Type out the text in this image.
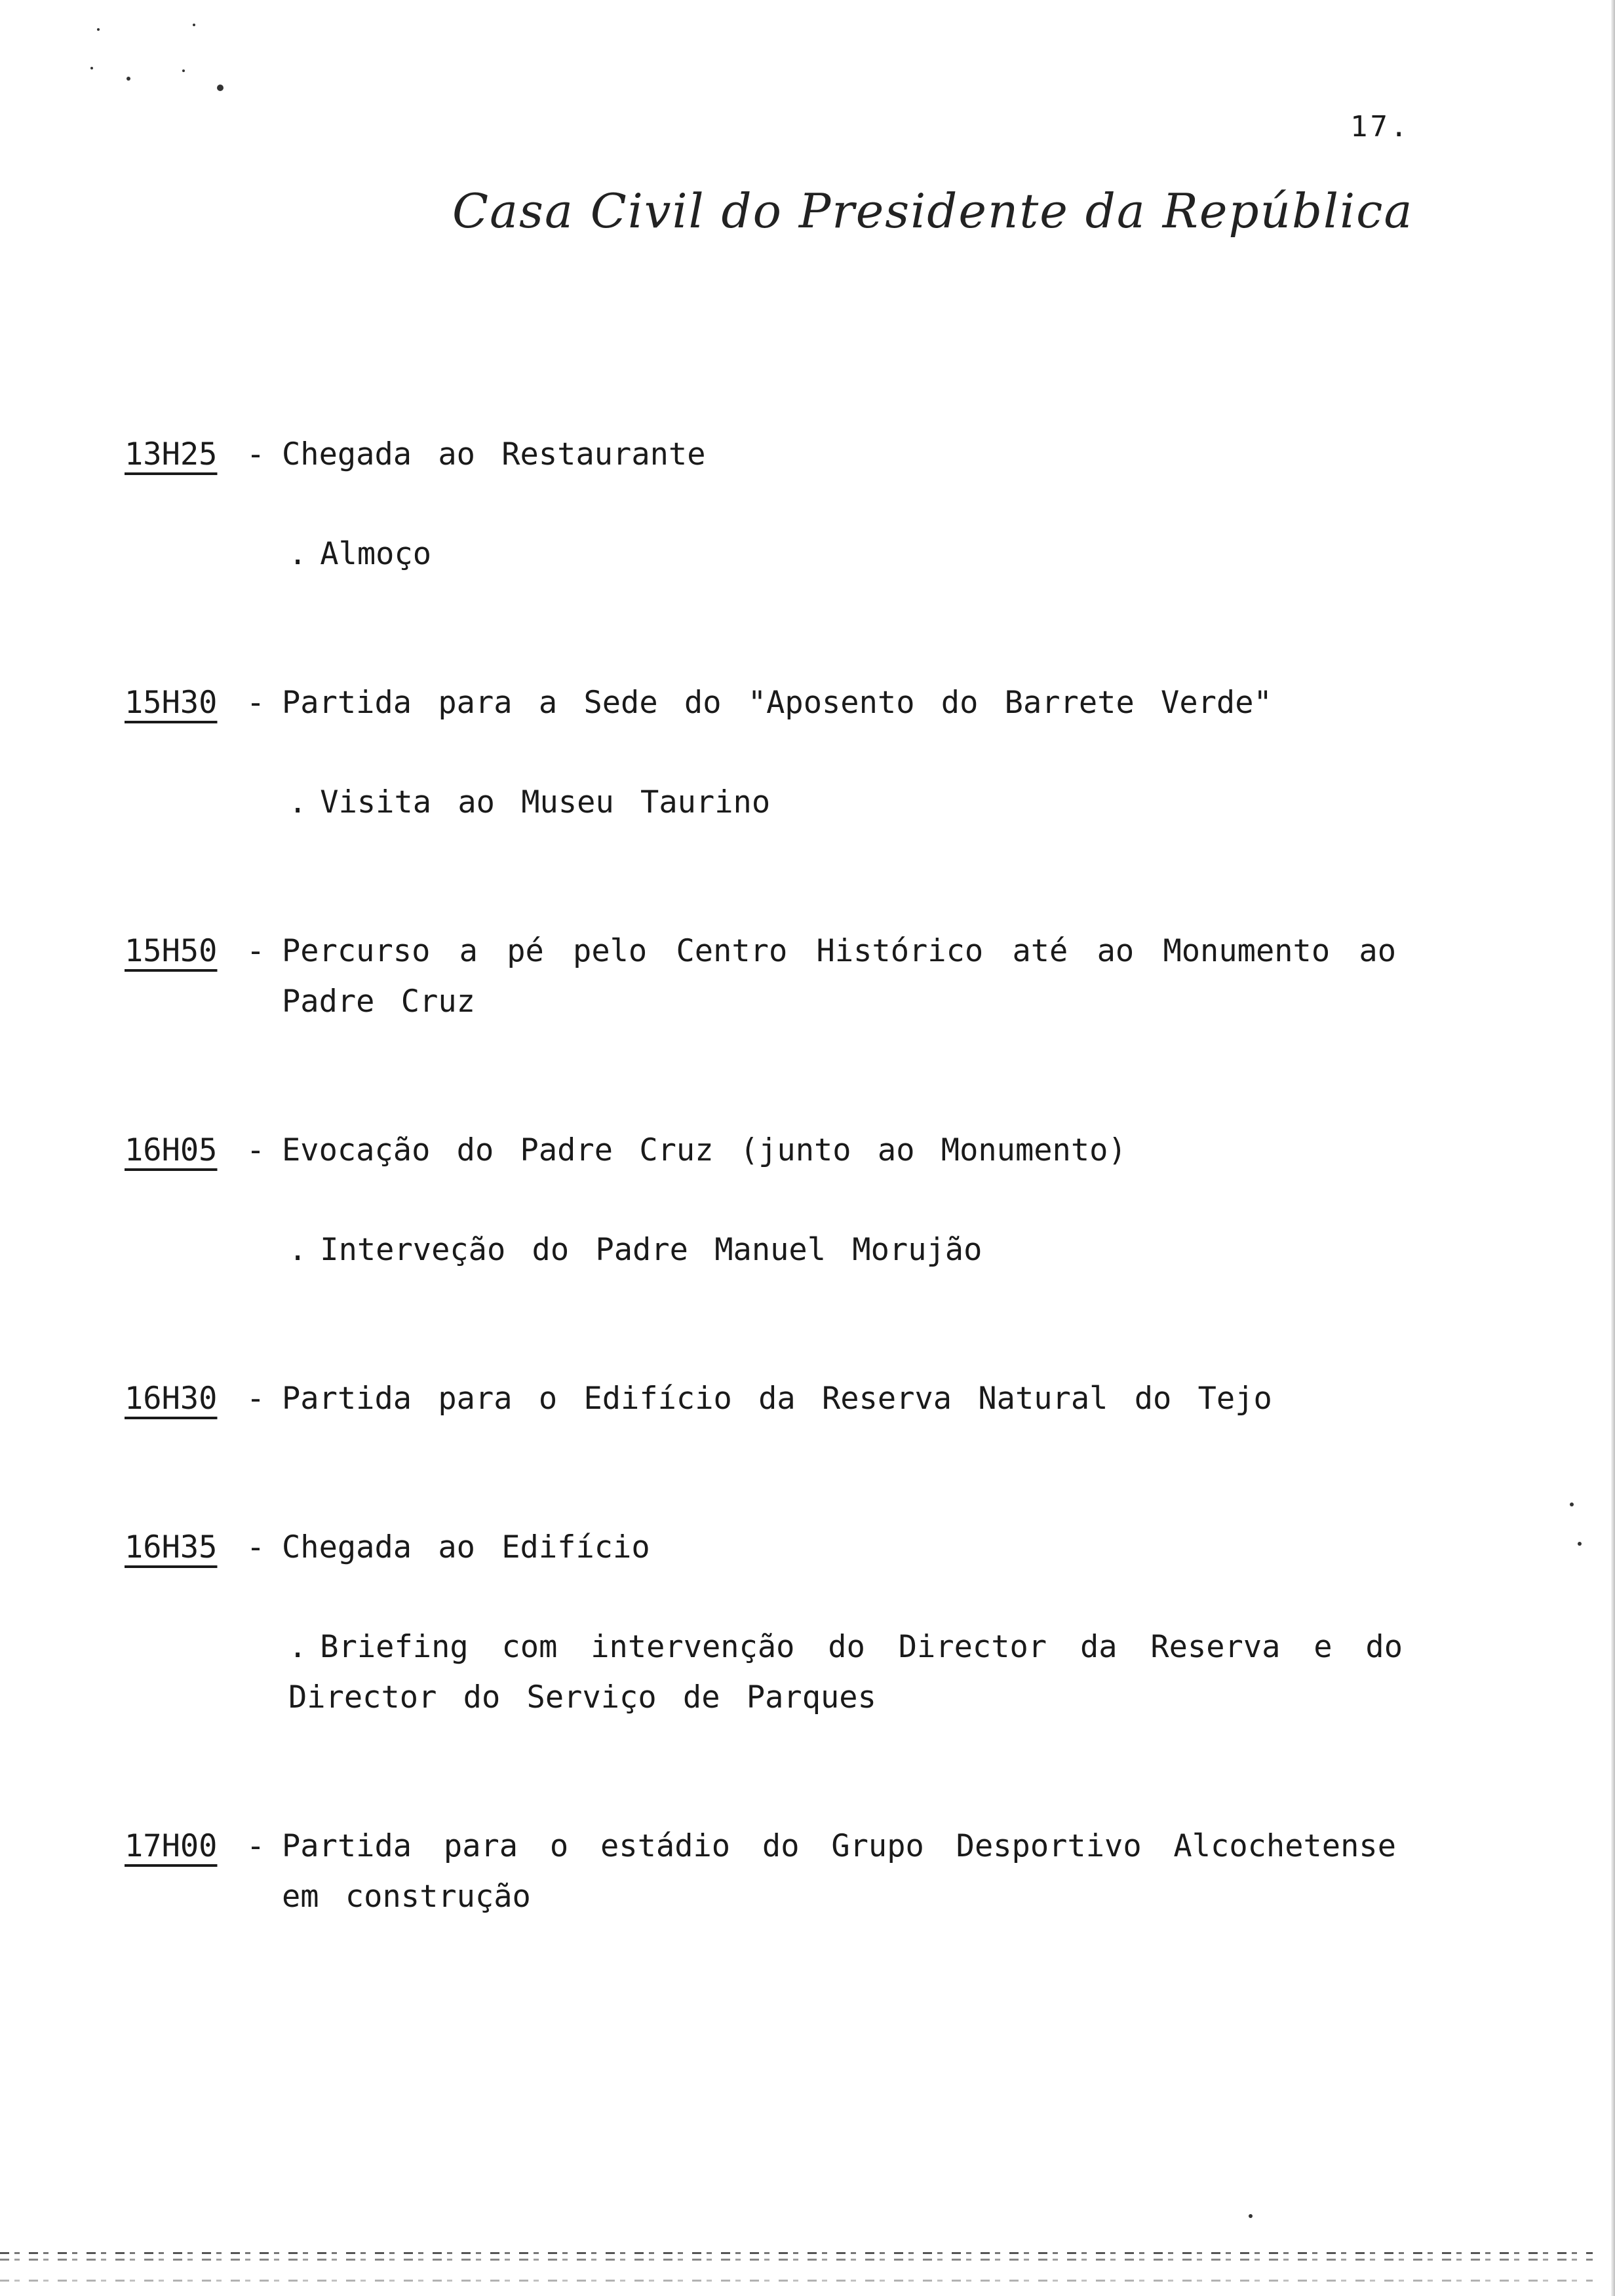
17.
Casa Civil do Presidente da República
13H25 - Chegada ao Restaurante
. Almoço
15H30 - Partida para a Sede do "Aposento do Barrete Verde"
. Visita ao Museu Taurino
15H50 - Percurso a pé pelo Centro Histórico até ao Monumento ao Padre Cruz
16H05 - Evocação do Padre Cruz (junto ao Monumento)
. Interveção do Padre Manuel Morujão
16H30 - Partida para o Edifício da Reserva Natural do Tejo
16H35 - Chegada ao Edifício
. Briefing com intervenção do Director da Reserva e do Director do Serviço de Parques
17H00 - Partida para o estádio do Grupo Desportivo Alcochetense em construção
